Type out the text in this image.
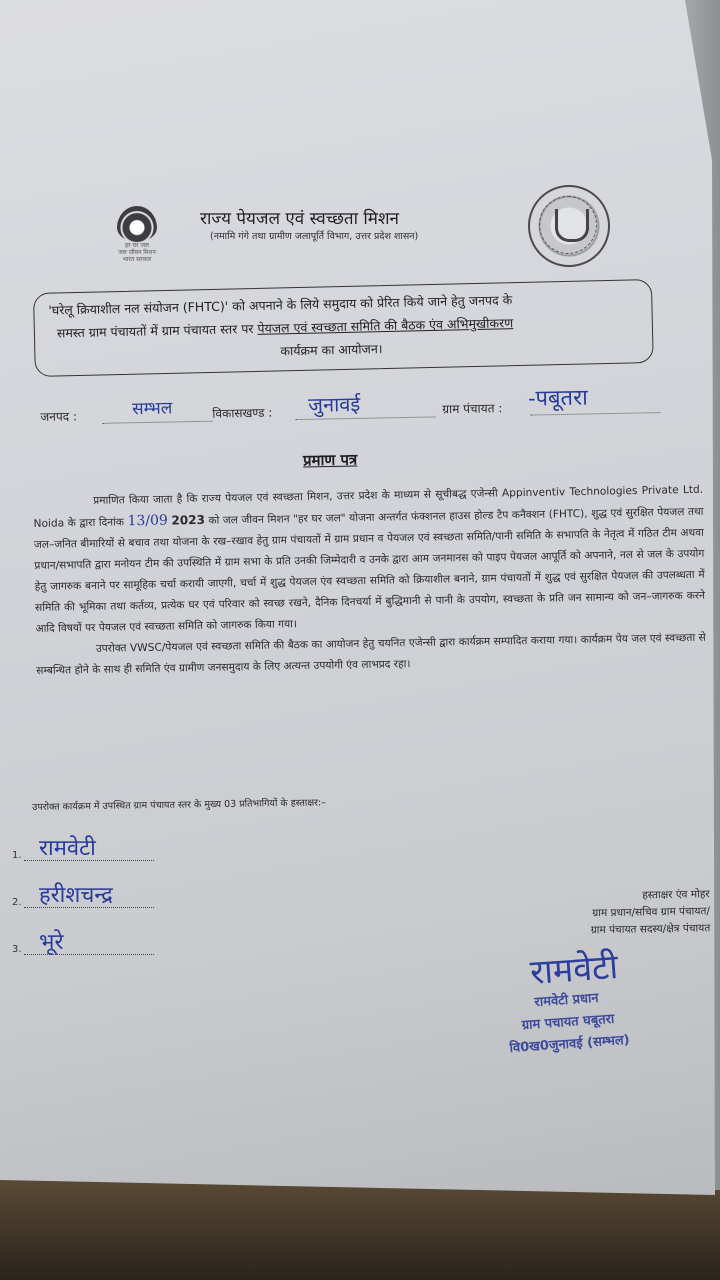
हर घर जल
जल जीवन मिशन
भारत सरकार
राज्य पेयजल एवं स्वच्छता मिशन
(नमामि गंगे तथा ग्रामीण जलापूर्ति विभाग, उत्तर प्रदेश शासन)
'घरेलू क्रियाशील नल संयोजन (FHTC)' को अपनाने के लिये समुदाय को प्रेरित किये जाने हेतु जनपद के
समस्त ग्राम पंचायतों में ग्राम पंचायत स्तर पर पेयजल एवं स्वच्छता समिति की बैठक एंव अभिमुखीकरण
कार्यक्रम का आयोजन।
जनपद :	सम्भल	विकासखण्ड : जुनावई	ग्राम पंचायत : -पबूतरा
प्रमाण पत्र

प्रमाणित किया जाता है कि राज्य पेयजल एवं स्वच्छता मिशन, उत्तर प्रदेश के माध्यम से सूचीबद्ध एजेन्सी Appinventiv Technologies Private Ltd. Noida के द्वारा दिनांक 13/09 2023 को जल जीवन मिशन "हर घर जल" योजना अन्तर्गत फंक्शनल हाउस होल्ड टैप कनैक्शन (FHTC), शुद्ध एवं सुरक्षित पेयजल तथा जल–जनित बीमारियों से बचाव तथा योजना के रख–रखाव हेतु ग्राम पंचायतों में ग्राम प्रधान व पेयजल एवं स्वच्छता समिति/पानी समिति के सभापति के नेतृत्व में गठित टीम अथवा प्रधान/सभापति द्वारा मनोयन टीम की उपस्थिति में ग्राम सभा के प्रति उनकी जिम्मेदारी व उनके द्वारा आम जनमानस को पाइप पेयजल आपूर्ति को अपनाने, नल से जल के उपयोग हेतु जागरुक बनाने पर सामूहिक चर्चा करायी जाएगी, चर्चा में शुद्ध पेयजल एंव स्वच्छता समिति को क्रियाशील बनाने, ग्राम पंचायतों में शुद्ध एवं सुरक्षित पेयजल की उपलब्धता में समिति की भूमिका तथा कर्तव्य, प्रत्येक घर एवं परिवार को स्वच्छ रखने, दैनिक दिनचर्या में बुद्धिमानी से पानी के उपयोग, स्वच्छता के प्रति जन सामान्य को जन–जागरुक करने आदि विषयों पर पेयजल एवं स्वच्छता समिति को जागरुक किया गया।

उपरोक्त VWSC/पेयजल एवं स्वच्छता समिति की बैठक का आयोजन हेतु चयनित एजेन्सी द्वारा कार्यक्रम सम्पादित कराया गया। कार्यक्रम पेय जल एवं स्वच्छता से सम्बन्धित होने के साथ ही समिति एंव ग्रामीण जनसमुदाय के लिए अत्यन्त उपयोगी एंव लाभप्रद रहा।

उपरोक्त कार्यक्रम में उपस्थित ग्राम पंचायत स्तर के मुख्य 03 प्रतिभागियों के हस्ताक्षर:–
1. रामवेटी
2. हरीशचन्द्र
3. भूरे
हस्ताक्षर एंव मोहर
ग्राम प्रधान/सचिव ग्राम पंचायत/
ग्राम पंचायत सदस्य/क्षेत्र पंचायत
रामवेटी
रामवेटी प्रधान
ग्राम पचायत घबूतरा
वि0ख0जुनावई (सम्भल)
